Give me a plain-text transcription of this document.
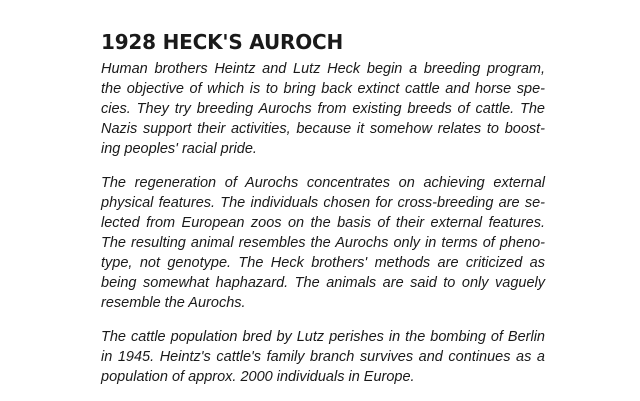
1928 HECK'S AUROCH

Human brothers Heintz and Lutz Heck begin a breeding program,
the objective of which is to bring back extinct cattle and horse spe-
cies. They try breeding Aurochs from existing breeds of cattle. The
Nazis support their activities, because it somehow relates to boost-
ing peoples' racial pride.

The regeneration of Aurochs concentrates on achieving external
physical features. The individuals chosen for cross-breeding are se-
lected from European zoos on the basis of their external features.
The resulting animal resembles the Aurochs only in terms of pheno-
type, not genotype. The Heck brothers' methods are criticized as
being somewhat haphazard. The animals are said to only vaguely
resemble the Aurochs.

The cattle population bred by Lutz perishes in the bombing of Berlin
in 1945. Heintz's cattle's family branch survives and continues as a
population of approx. 2000 individuals in Europe.
